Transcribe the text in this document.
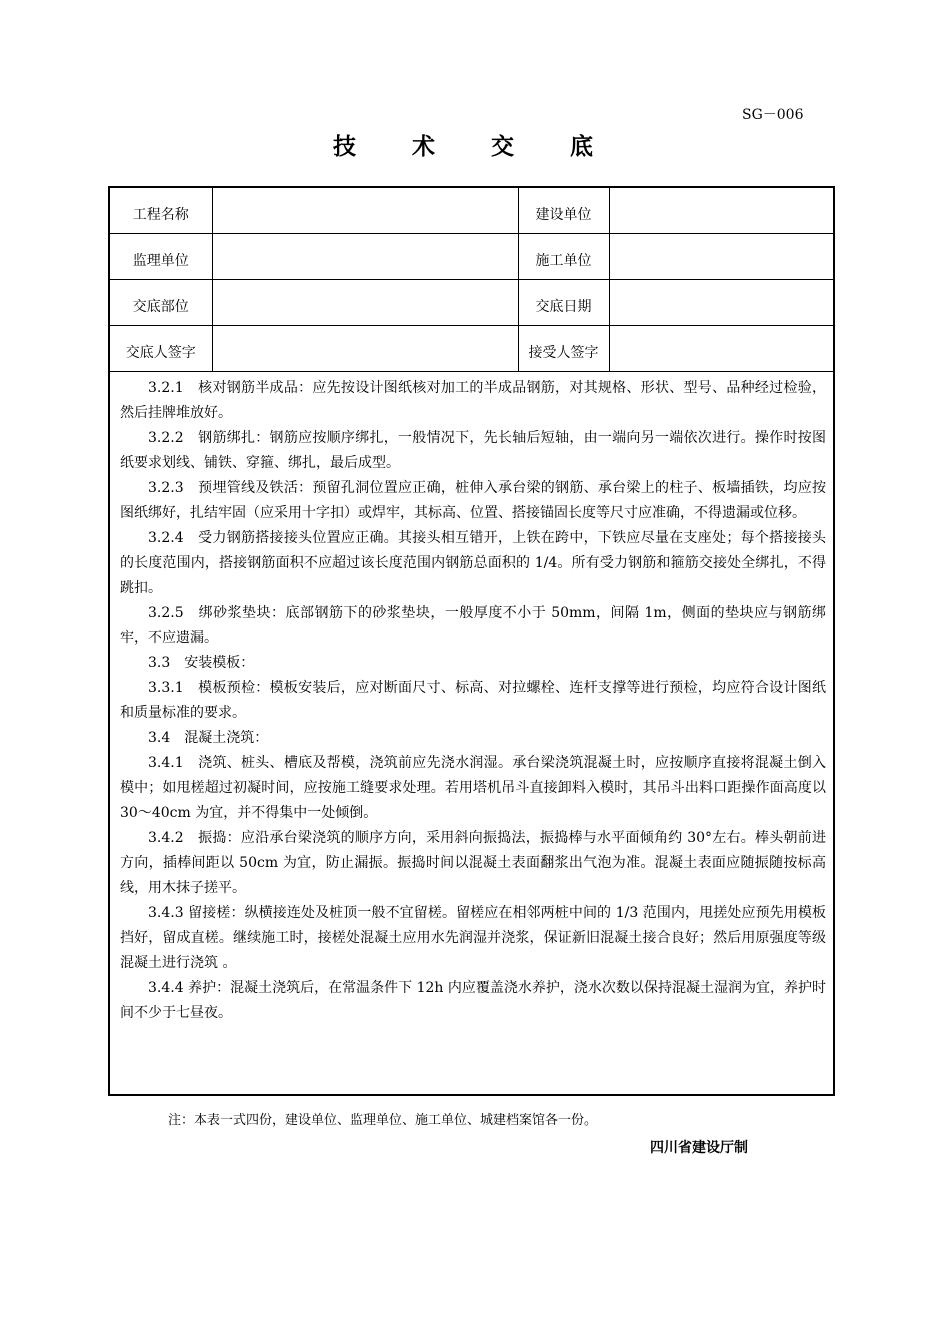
SG－006
技 术 交 底
工程名称		建设单位	
监理单位		施工单位	
交底部位		交底日期	
交底人签字		接受人签字	

3.2.1　核对钢筋半成品：应先按设计图纸核对加工的半成品钢筋，对其规格、形状、型号、品种经过检验，然后挂牌堆放好。

3.2.2　钢筋绑扎：钢筋应按顺序绑扎，一般情况下，先长轴后短轴，由一端向另一端依次进行。操作时按图纸要求划线、铺铁、穿箍、绑扎，最后成型。

3.2.3　预埋管线及铁活：预留孔洞位置应正确，桩伸入承台梁的钢筋、承台梁上的柱子、板墙插铁，均应按图纸绑好，扎结牢固（应采用十字扣）或焊牢，其标高、位置、搭接锚固长度等尺寸应准确，不得遗漏或位移。

3.2.4　受力钢筋搭接接头位置应正确。其接头相互错开，上铁在跨中，下铁应尽量在支座处；每个搭接接头的长度范围内，搭接钢筋面积不应超过该长度范围内钢筋总面积的 1/4。所有受力钢筋和箍筋交接处全绑扎，不得跳扣。

3.2.5　绑砂浆垫块：底部钢筋下的砂浆垫块，一般厚度不小于 50mm，间隔 1m，侧面的垫块应与钢筋绑牢，不应遗漏。

3.3　安装模板：

3.3.1　模板预检：模板安装后，应对断面尺寸、标高、对拉螺栓、连杆支撑等进行预检，均应符合设计图纸和质量标准的要求。

3.4　混凝土浇筑：

3.4.1　浇筑、桩头、槽底及帮模，浇筑前应先浇水润湿。承台梁浇筑混凝土时，应按顺序直接将混凝土倒入模中；如甩槎超过初凝时间，应按施工缝要求处理。若用塔机吊斗直接卸料入模时，其吊斗出料口距操作面高度以 30～40cm 为宜，并不得集中一处倾倒。

3.4.2　振捣：应沿承台梁浇筑的顺序方向，采用斜向振捣法，振捣棒与水平面倾角约 30°左右。棒头朝前进方向，插棒间距以 50cm 为宜，防止漏振。振捣时间以混凝土表面翻浆出气泡为准。混凝土表面应随振随按标高线，用木抹子搓平。

3.4.3 留接槎：纵横接连处及桩顶一般不宜留槎。留槎应在相邻两桩中间的 1/3 范围内，甩搓处应预先用模板挡好，留成直槎。继续施工时，接槎处混凝土应用水先润湿并浇浆，保证新旧混凝土接合良好；然后用原强度等级混凝土进行浇筑 。

3.4.4 养护：混凝土浇筑后，在常温条件下 12h 内应覆盖浇水养护，浇水次数以保持混凝土湿润为宜，养护时间不少于七昼夜。

注：本表一式四份，建设单位、监理单位、施工单位、城建档案馆各一份。
四川省建设厅制
